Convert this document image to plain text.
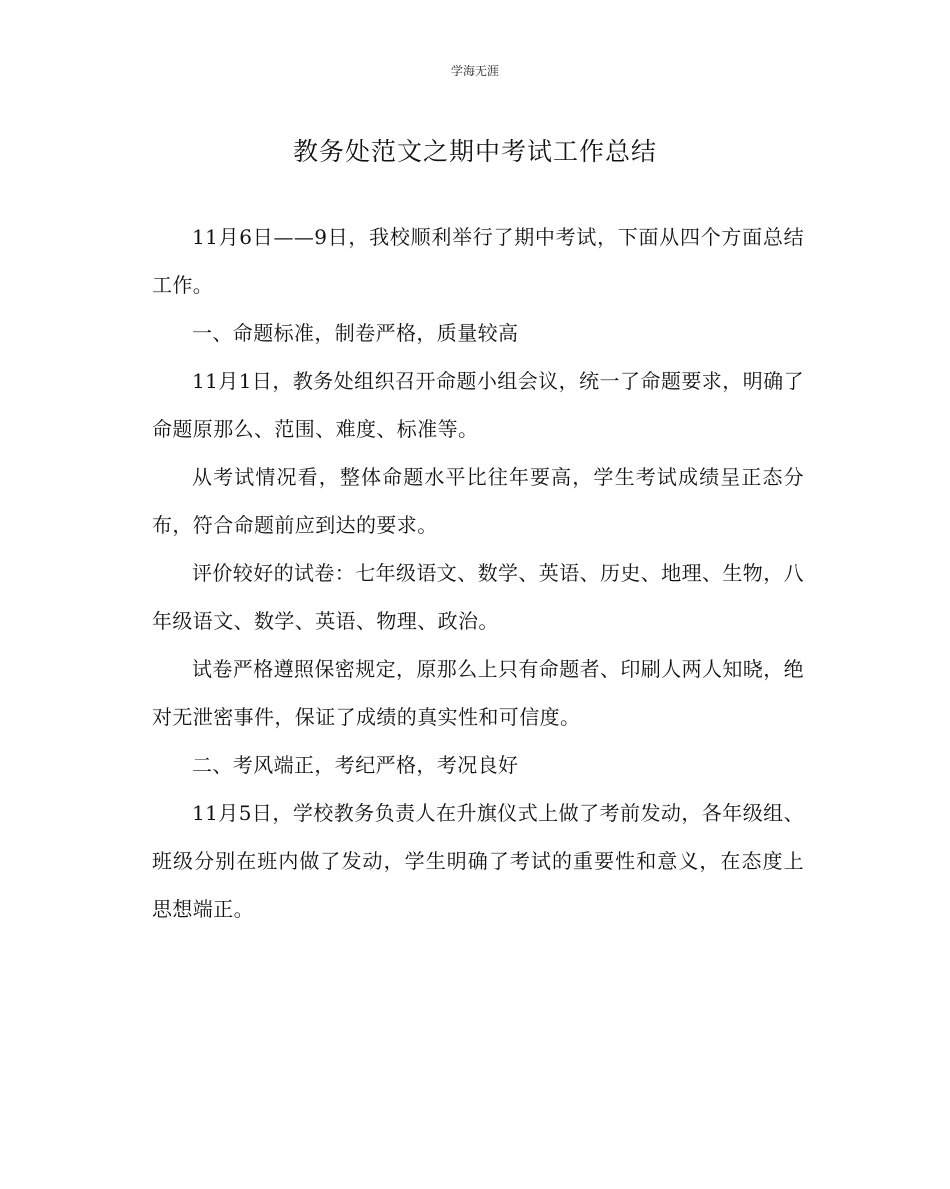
学海无涯
教务处范文之期中考试工作总结

11月6日——9日，我校顺利举行了期中考试，下面从四个方面总结工作。

一、命题标准，制卷严格，质量较高

11月1日，教务处组织召开命题小组会议，统一了命题要求，明确了命题原那么、范围、难度、标准等。

从考试情况看，整体命题水平比往年要高，学生考试成绩呈正态分布，符合命题前应到达的要求。

评价较好的试卷：七年级语文、数学、英语、历史、地理、生物，八年级语文、数学、英语、物理、政治。

试卷严格遵照保密规定，原那么上只有命题者、印刷人两人知晓，绝对无泄密事件，保证了成绩的真实性和可信度。

二、考风端正，考纪严格，考况良好

11月5日，学校教务负责人在升旗仪式上做了考前发动，各年级组、班级分别在班内做了发动，学生明确了考试的重要性和意义，在态度上思想端正。
